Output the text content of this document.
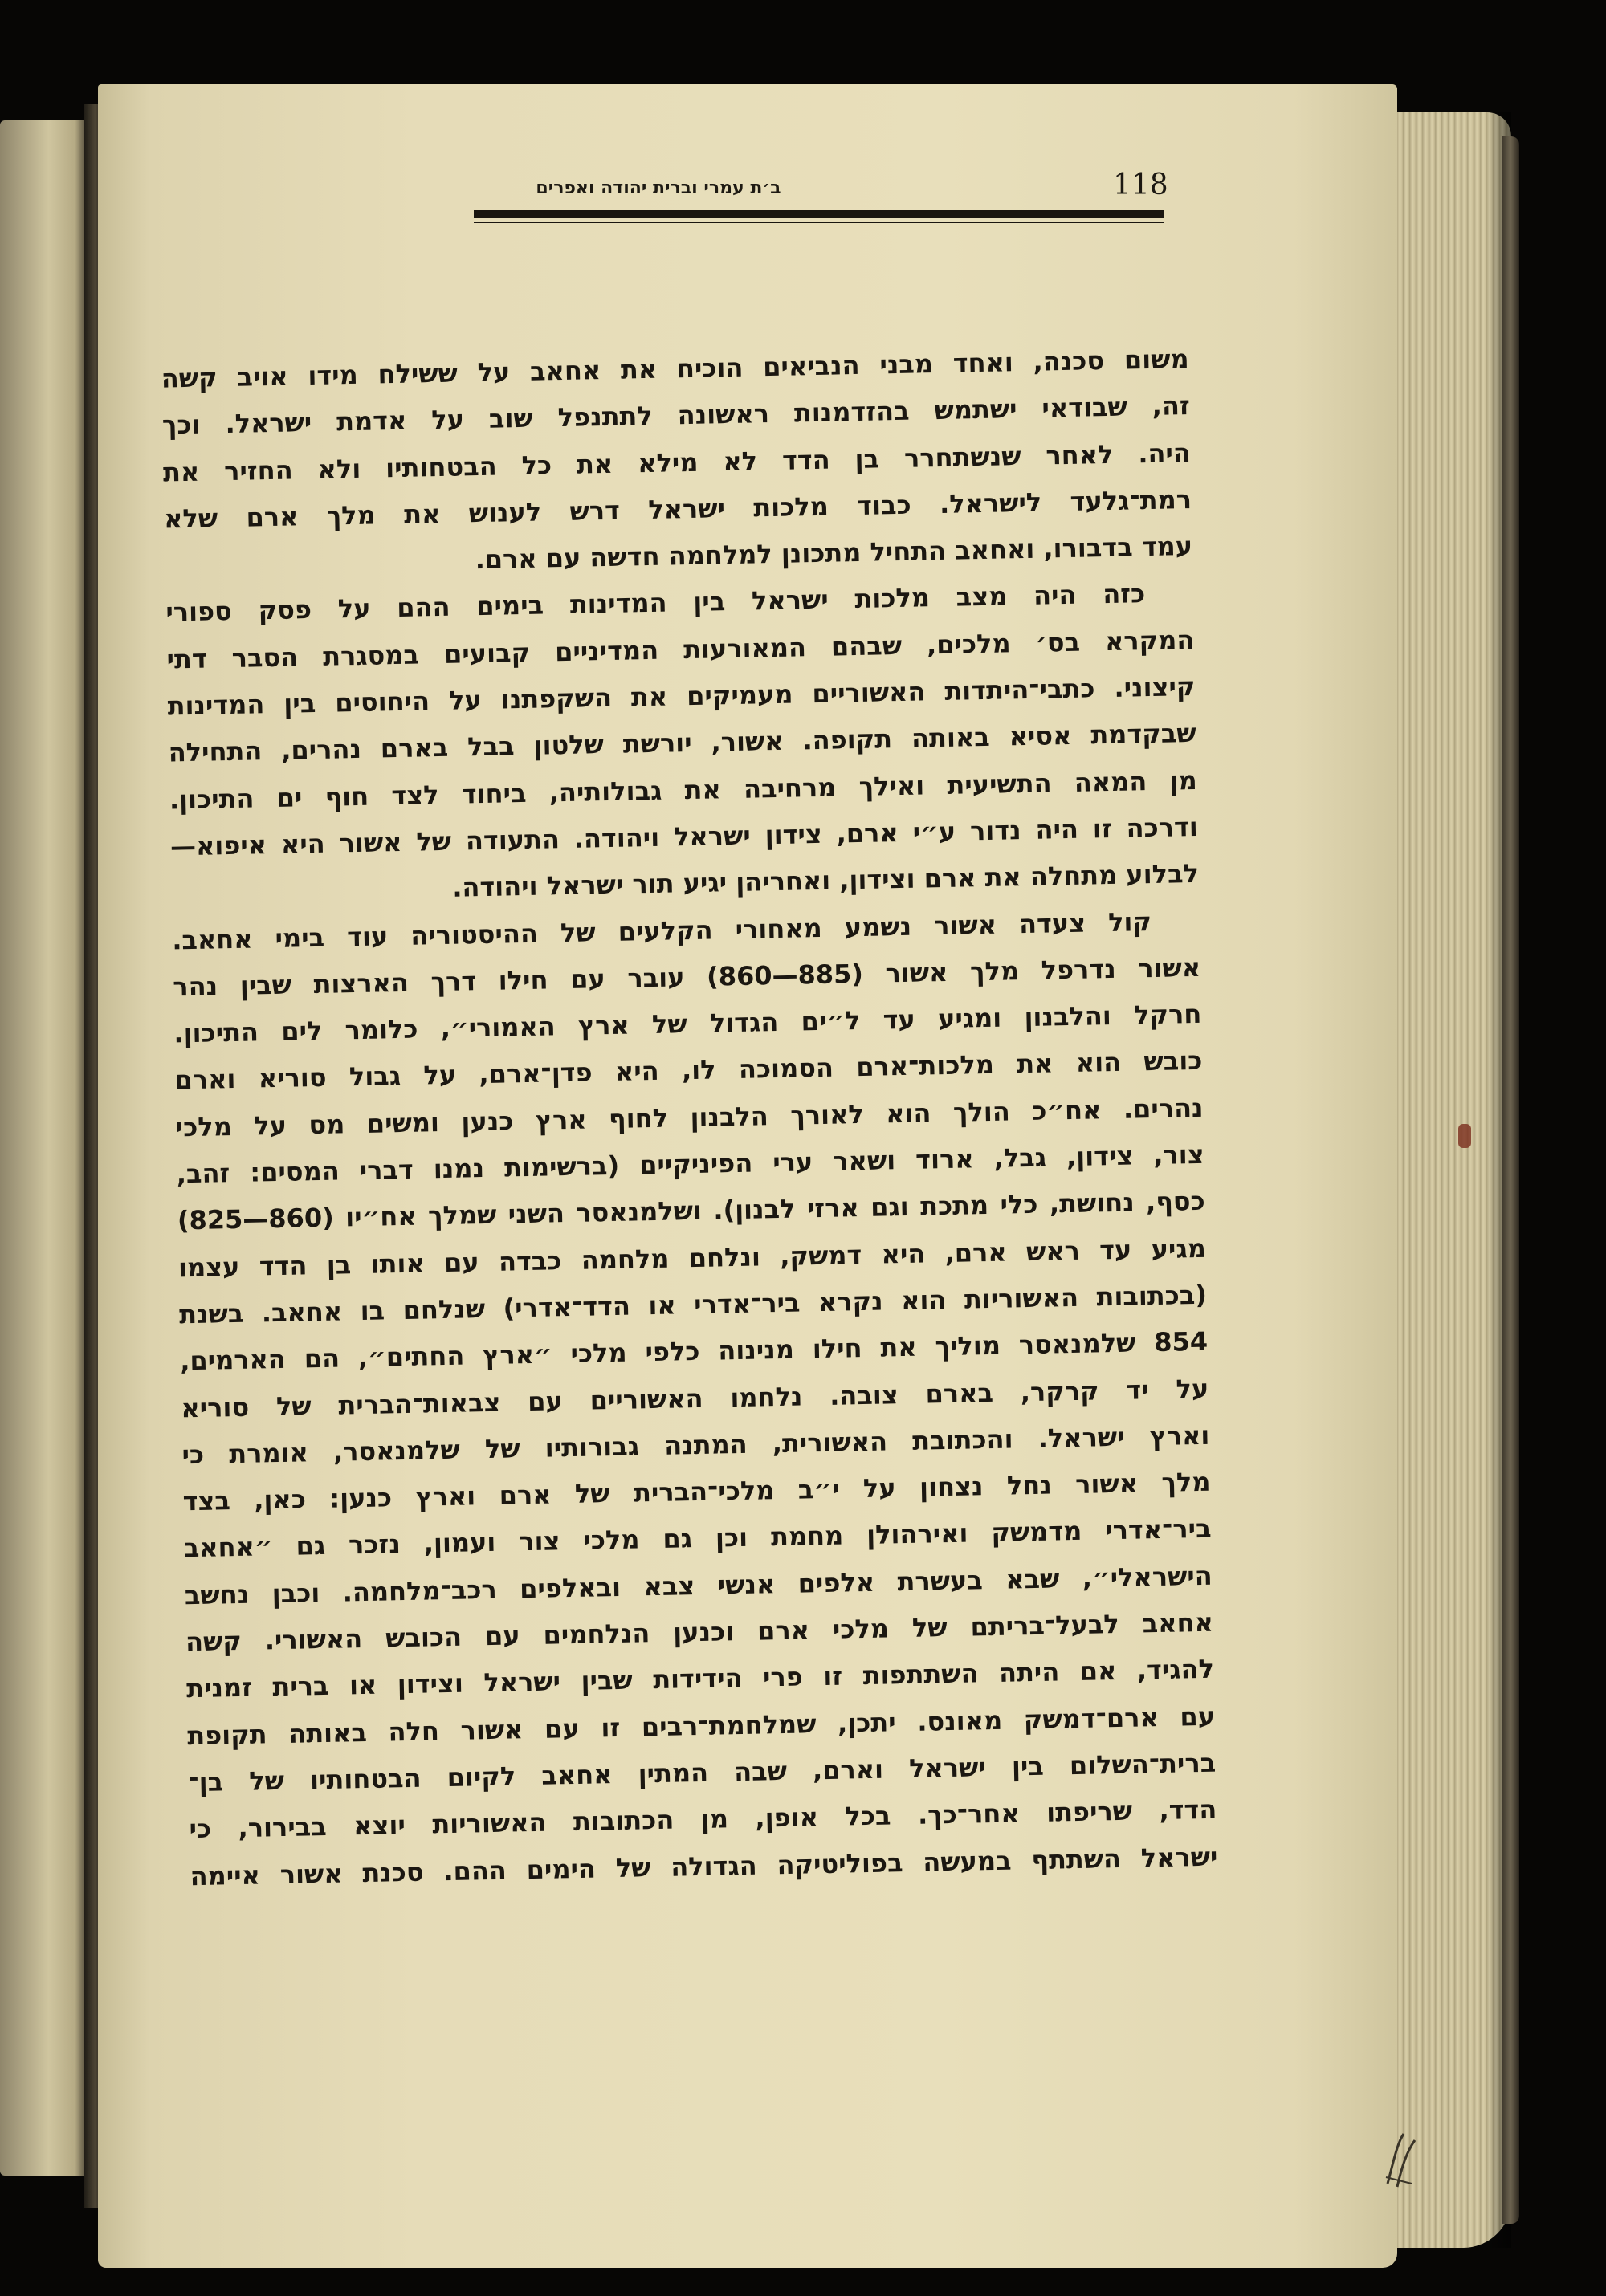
118
ב׳ת עמרי וברית יהודה ואפרים
משום סכנה, ואחד מבני הנביאים הוכיח את אחאב על ששילח מידו אויב קשה
זה, שבודאי ישתמש בהזדמנות ראשונה לתתנפל שוב על אדמת ישראל. וכך
היה. לאחר שנשתחרר בן הדד לא מילא את כל הבטחותיו ולא החזיר את
רמת־גלעד לישראל. כבוד מלכות ישראל דרש לענוש את מלך ארם שלא
עמד בדבורו, ואחאב התחיל מתכונן למלחמה חדשה עם ארם.
כזה היה מצב מלכות ישראל בין המדינות בימים ההם על פסק ספורי
המקרא בס׳ מלכים, שבהם המאורעות המדיניים קבועים במסגרת הסבר דתי
קיצוני. כתבי־היתדות האשוריים מעמיקים את השקפתנו על היחוסים בין המדינות
שבקדמת אסיא באותה תקופה. אשור, יורשת שלטון בבל בארם נהרים, התחילה
מן המאה התשיעית ואילך מרחיבה את גבולותיה, ביחוד לצד חוף ים התיכון.
ודרכה זו היה נדור ע״י ארם, צידון ישראל ויהודה. התעודה של אשור היא איפוא—
לבלוע מתחלה את ארם וצידון, ואחריהן יגיע תור ישראל ויהודה.
קול צעדה אשור נשמע מאחורי הקלעים של ההיסטוריה עוד בימי אחאב.
אשור נדרפל מלך אשור (885—860) עובר עם חילו דרך הארצות שבין נהר
חרקל והלבנון ומגיע עד ל״ים הגדול של ארץ האמורי״, כלומר לים התיכון.
כובש הוא את מלכות־ארם הסמוכה לו, היא פדן־ארם, על גבול סוריא וארם
נהרים. אח״כ הולך הוא לאורך הלבנון לחוף ארץ כנען ומשים מס על מלכי
צור, צידון, גבל, ארוד ושאר ערי הפיניקיים (ברשימות נמנו דברי המסים: זהב,
כסף, נחושת, כלי מתכת וגם ארזי לבנון). ושלמנאסר השני שמלך אח״יו (860—825)
מגיע עד ראש ארם, היא דמשק, ונלחם מלחמה כבדה עם אותו בן הדד עצמו
(בכתובות האשוריות הוא נקרא ביר־אדרי או הדד־אדרי) שנלחם בו אחאב. בשנת
854 שלמנאסר מוליך את חילו מנינוה כלפי מלכי ״ארץ החתים״, הם הארמים,
על יד קרקר, בארם צובה. נלחמו האשוריים עם צבאות־הברית של סוריא
וארץ ישראל. והכתובת האשורית, המתנה גבורותיו של שלמנאסר, אומרת כי
מלך אשור נחל נצחון על י״ב מלכי־הברית של ארם וארץ כנען: כאן, בצד
ביר־אדרי מדמשק ואירהולן מחמת וכן גם מלכי צור ועמון, נזכר גם ״אחאב
הישראלי״, שבא בעשרת אלפים אנשי צבא ובאלפים רכב־מלחמה. וכבן נחשב
אחאב לבעל־בריתם של מלכי ארם וכנען הנלחמים עם הכובש האשורי. קשה
להגיד, אם היתה השתתפות זו פרי הידידות שבין ישראל וצידון או ברית זמנית
עם ארם־דמשק מאונס. יתכן, שמלחמת־רבים זו עם אשור חלה באותה תקופת
ברית־השלום בין ישראל וארם, שבה המתין אחאב לקיום הבטחותיו של בן־
הדד, שריפתו אחר־כך. בכל אופן, מן הכתובות האשוריות יוצא בבירור, כי
ישראל השתתף במעשה בפוליטיקה הגדולה של הימים ההם. סכנת אשור איימה
